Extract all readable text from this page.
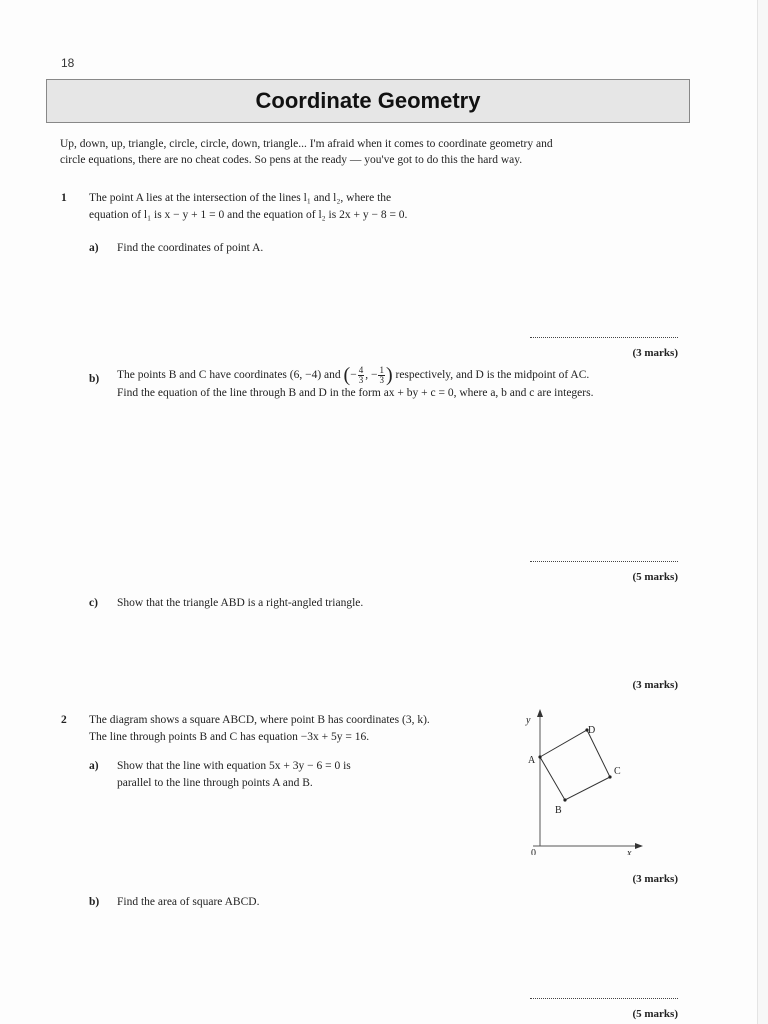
18
Coordinate Geometry
Up, down, up, triangle, circle, circle, down, triangle... I'm afraid when it comes to coordinate geometry and
circle equations, there are no cheat codes. So pens at the ready — you've got to do this the hard way.
1 The point A lies at the intersection of the lines l₁ and l₂, where the
equation of l₁ is x − y + 1 = 0 and the equation of l₂ is 2x + y − 8 = 0.
a) Find the coordinates of point A.
(3 marks)
b) The points B and C have coordinates (6, −4) and (− $\frac{4}{3}$ , − $\frac{1}{3}$ ) respectively, and D is the midpoint of AC.
Find the equation of the line through B and D in the form ax + by + c = 0, where a, b and c are integers.
(5 marks)
c) Show that the triangle ABD is a right-angled triangle.
(3 marks)
2 The diagram shows a square ABCD, where point B has coordinates (3, k).
The line through points B and C has equation −3x + 5y = 16.
a) Show that the line with equation 5x + 3y − 6 = 0 is
parallel to the line through points A and B.
(3 marks)
b) Find the area of square ABCD.
(5 marks)
y
x
0
A
D
C
B
